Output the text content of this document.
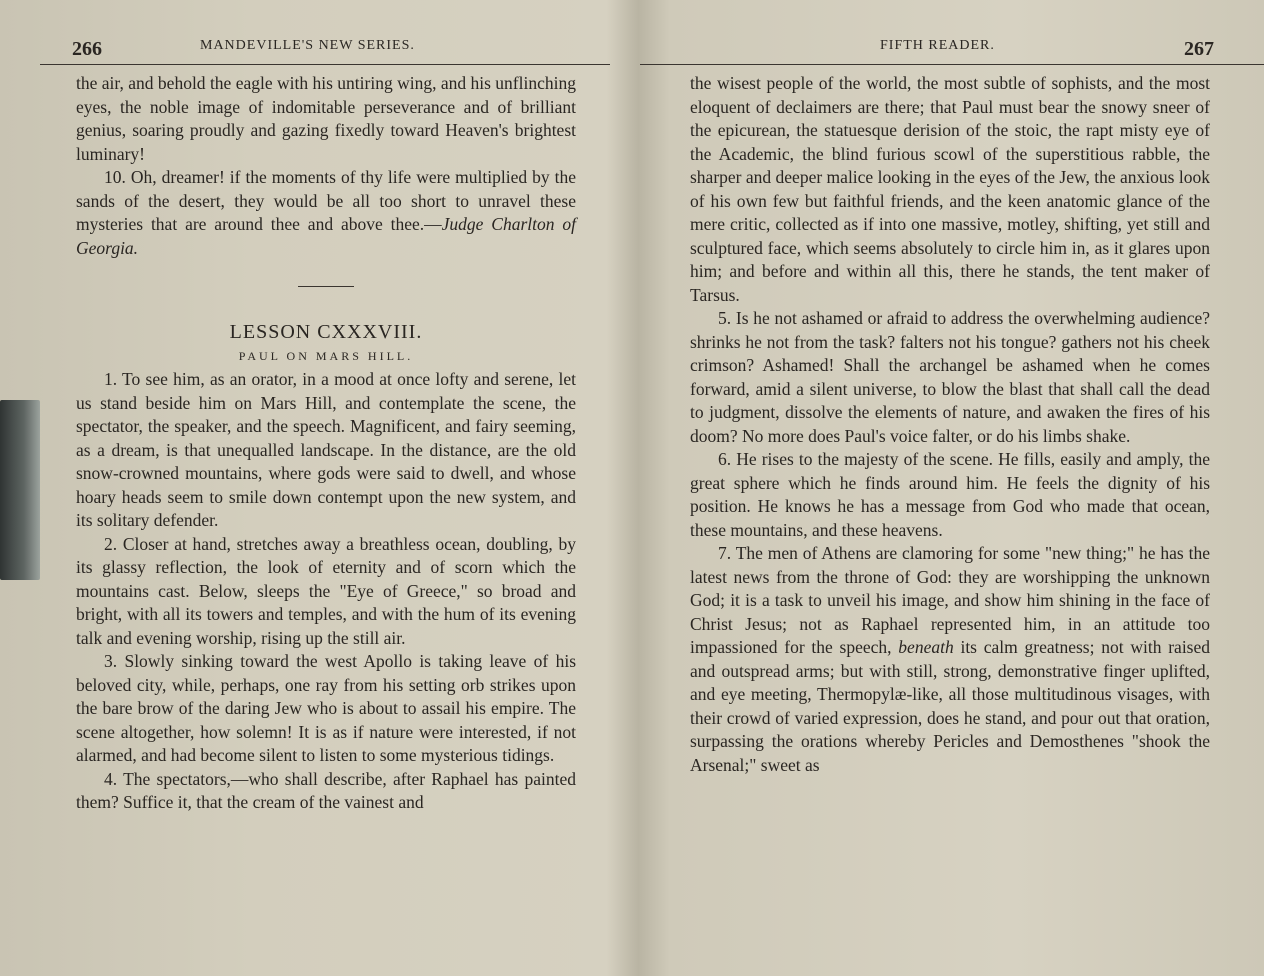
266	MANDEVILLE'S NEW SERIES.

the air, and behold the eagle with his untiring wing, and his unflinching eyes, the noble image of indomitable perseverance and of brilliant genius, soaring proudly and gazing fixedly toward Heaven's brightest luminary!

10. Oh, dreamer! if the moments of thy life were multiplied by the sands of the desert, they would be all too short to unravel these mysteries that are around thee and above thee.—Judge Charlton of Georgia.

LESSON CXXXVIII.

PAUL ON MARS HILL.

1. To see him, as an orator, in a mood at once lofty and serene, let us stand beside him on Mars Hill, and contemplate the scene, the spectator, the speaker, and the speech. Magnificent, and fairy seeming, as a dream, is that unequalled landscape. In the distance, are the old snow-crowned mountains, where gods were said to dwell, and whose hoary heads seem to smile down contempt upon the new system, and its solitary defender.

2. Closer at hand, stretches away a breathless ocean, doubling, by its glassy reflection, the look of eternity and of scorn which the mountains cast. Below, sleeps the "Eye of Greece," so broad and bright, with all its towers and temples, and with the hum of its evening talk and evening worship, rising up the still air.

3. Slowly sinking toward the west Apollo is taking leave of his beloved city, while, perhaps, one ray from his setting orb strikes upon the bare brow of the daring Jew who is about to assail his empire. The scene altogether, how solemn! It is as if nature were interested, if not alarmed, and had become silent to listen to some mysterious tidings.

4. The spectators,—who shall describe, after Raphael has painted them? Suffice it, that the cream of the vainest and

FIFTH READER.	267

the wisest people of the world, the most subtle of sophists, and the most eloquent of declaimers are there; that Paul must bear the snowy sneer of the epicurean, the statuesque derision of the stoic, the rapt misty eye of the Academic, the blind furious scowl of the superstitious rabble, the sharper and deeper malice looking in the eyes of the Jew, the anxious look of his own few but faithful friends, and the keen anatomic glance of the mere critic, collected as if into one massive, motley, shifting, yet still and sculptured face, which seems absolutely to circle him in, as it glares upon him; and before and within all this, there he stands, the tent maker of Tarsus.

5. Is he not ashamed or afraid to address the overwhelming audience? shrinks he not from the task? falters not his tongue? gathers not his cheek crimson? Ashamed! Shall the archangel be ashamed when he comes forward, amid a silent universe, to blow the blast that shall call the dead to judgment, dissolve the elements of nature, and awaken the fires of his doom? No more does Paul's voice falter, or do his limbs shake.

6. He rises to the majesty of the scene. He fills, easily and amply, the great sphere which he finds around him. He feels the dignity of his position. He knows he has a message from God who made that ocean, these mountains, and these heavens.

7. The men of Athens are clamoring for some "new thing;" he has the latest news from the throne of God: they are worshipping the unknown God; it is a task to unveil his image, and show him shining in the face of Christ Jesus; not as Raphael represented him, in an attitude too impassioned for the speech, beneath its calm greatness; not with raised and outspread arms; but with still, strong, demonstrative finger uplifted, and eye meeting, Thermopylæ-like, all those multitudinous visages, with their crowd of varied expression, does he stand, and pour out that oration, surpassing the orations whereby Pericles and Demosthenes "shook the Arsenal;" sweet as
